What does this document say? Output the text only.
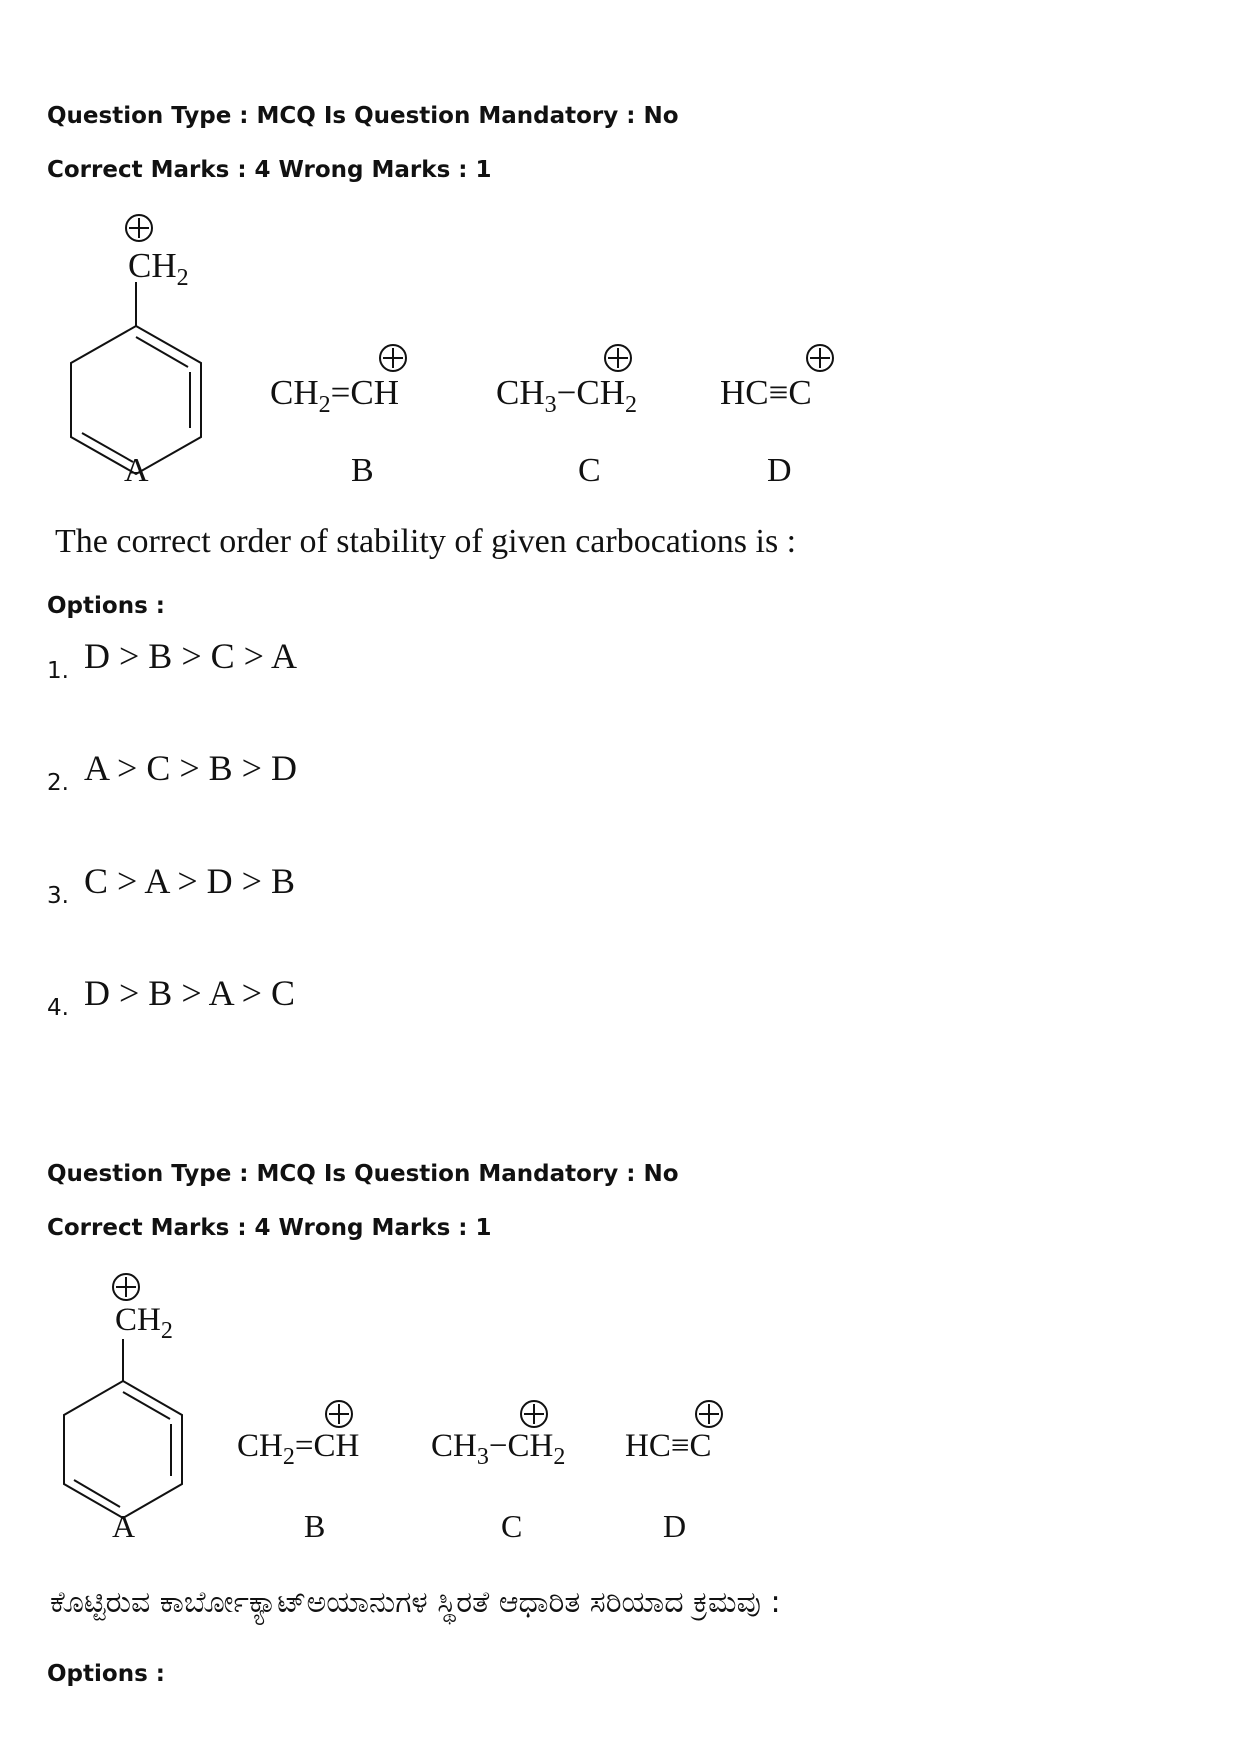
Question Type : MCQ Is Question Mandatory : No
Correct Marks : 4 Wrong Marks : 1
$CH_2$
A
$CH_2=CH$
B
$CH_3-CH_2$
C
HC≡C
D
The correct order of stability of given carbocations is :
Options :
1. D > B > C > A
2. A > C > B > D
3. C > A > D > B
4. D > B > A > C
Question Type : MCQ Is Question Mandatory : No
Correct Marks : 4 Wrong Marks : 1
$CH_2$
A
$CH_2=CH$
B
$CH_3-CH_2$
C
HC≡C
D
ಕೊಟ್ಟಿರುವ ಕಾರ್ಬೋಕ್ಯಾಟ್ಅಯಾನುಗಳ ಸ್ಥಿರತೆ ಆಧಾರಿತ ಸರಿಯಾದ ಕ್ರಮವು :
Options :
